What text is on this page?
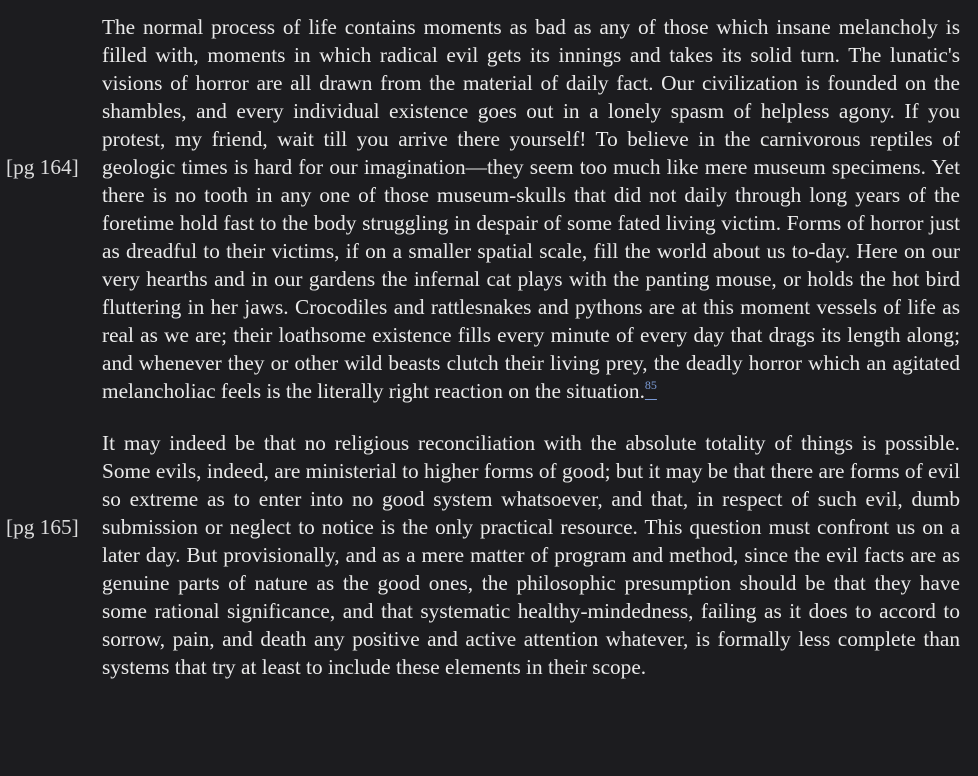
[pg 164]
[pg 165]

The normal process of life contains moments as bad as any of those which insane melancholy is filled with, moments in which radical evil gets its innings and takes its solid turn. The lunatic's visions of horror are all drawn from the material of daily fact. Our civilization is founded on the shambles, and every individual existence goes out in a lonely spasm of helpless agony. If you protest, my friend, wait till you arrive there yourself! To believe in the carnivorous reptiles of geologic times is hard for our imagination—they seem too much like mere museum specimens. Yet there is no tooth in any one of those museum-skulls that did not daily through long years of the foretime hold fast to the body struggling in despair of some fated living victim. Forms of horror just as dreadful to their victims, if on a smaller spatial scale, fill the world about us to-day. Here on our very hearths and in our gardens the infernal cat plays with the panting mouse, or holds the hot bird fluttering in her jaws. Crocodiles and rattlesnakes and pythons are at this moment vessels of life as real as we are; their loathsome existence fills every minute of every day that drags its length along; and whenever they or other wild beasts clutch their living prey, the deadly horror which an agitated melancholiac feels is the literally right reaction on the situation.$^{85}$

It may indeed be that no religious reconciliation with the absolute totality of things is possible. Some evils, indeed, are ministerial to higher forms of good; but it may be that there are forms of evil so extreme as to enter into no good system whatsoever, and that, in respect of such evil, dumb submission or neglect to notice is the only practical resource. This question must confront us on a later day. But provisionally, and as a mere matter of program and method, since the evil facts are as genuine parts of nature as the good ones, the philosophic presumption should be that they have some rational significance, and that systematic healthy-mindedness, failing as it does to accord to sorrow, pain, and death any positive and active attention whatever, is formally less complete than systems that try at least to include these elements in their scope.
